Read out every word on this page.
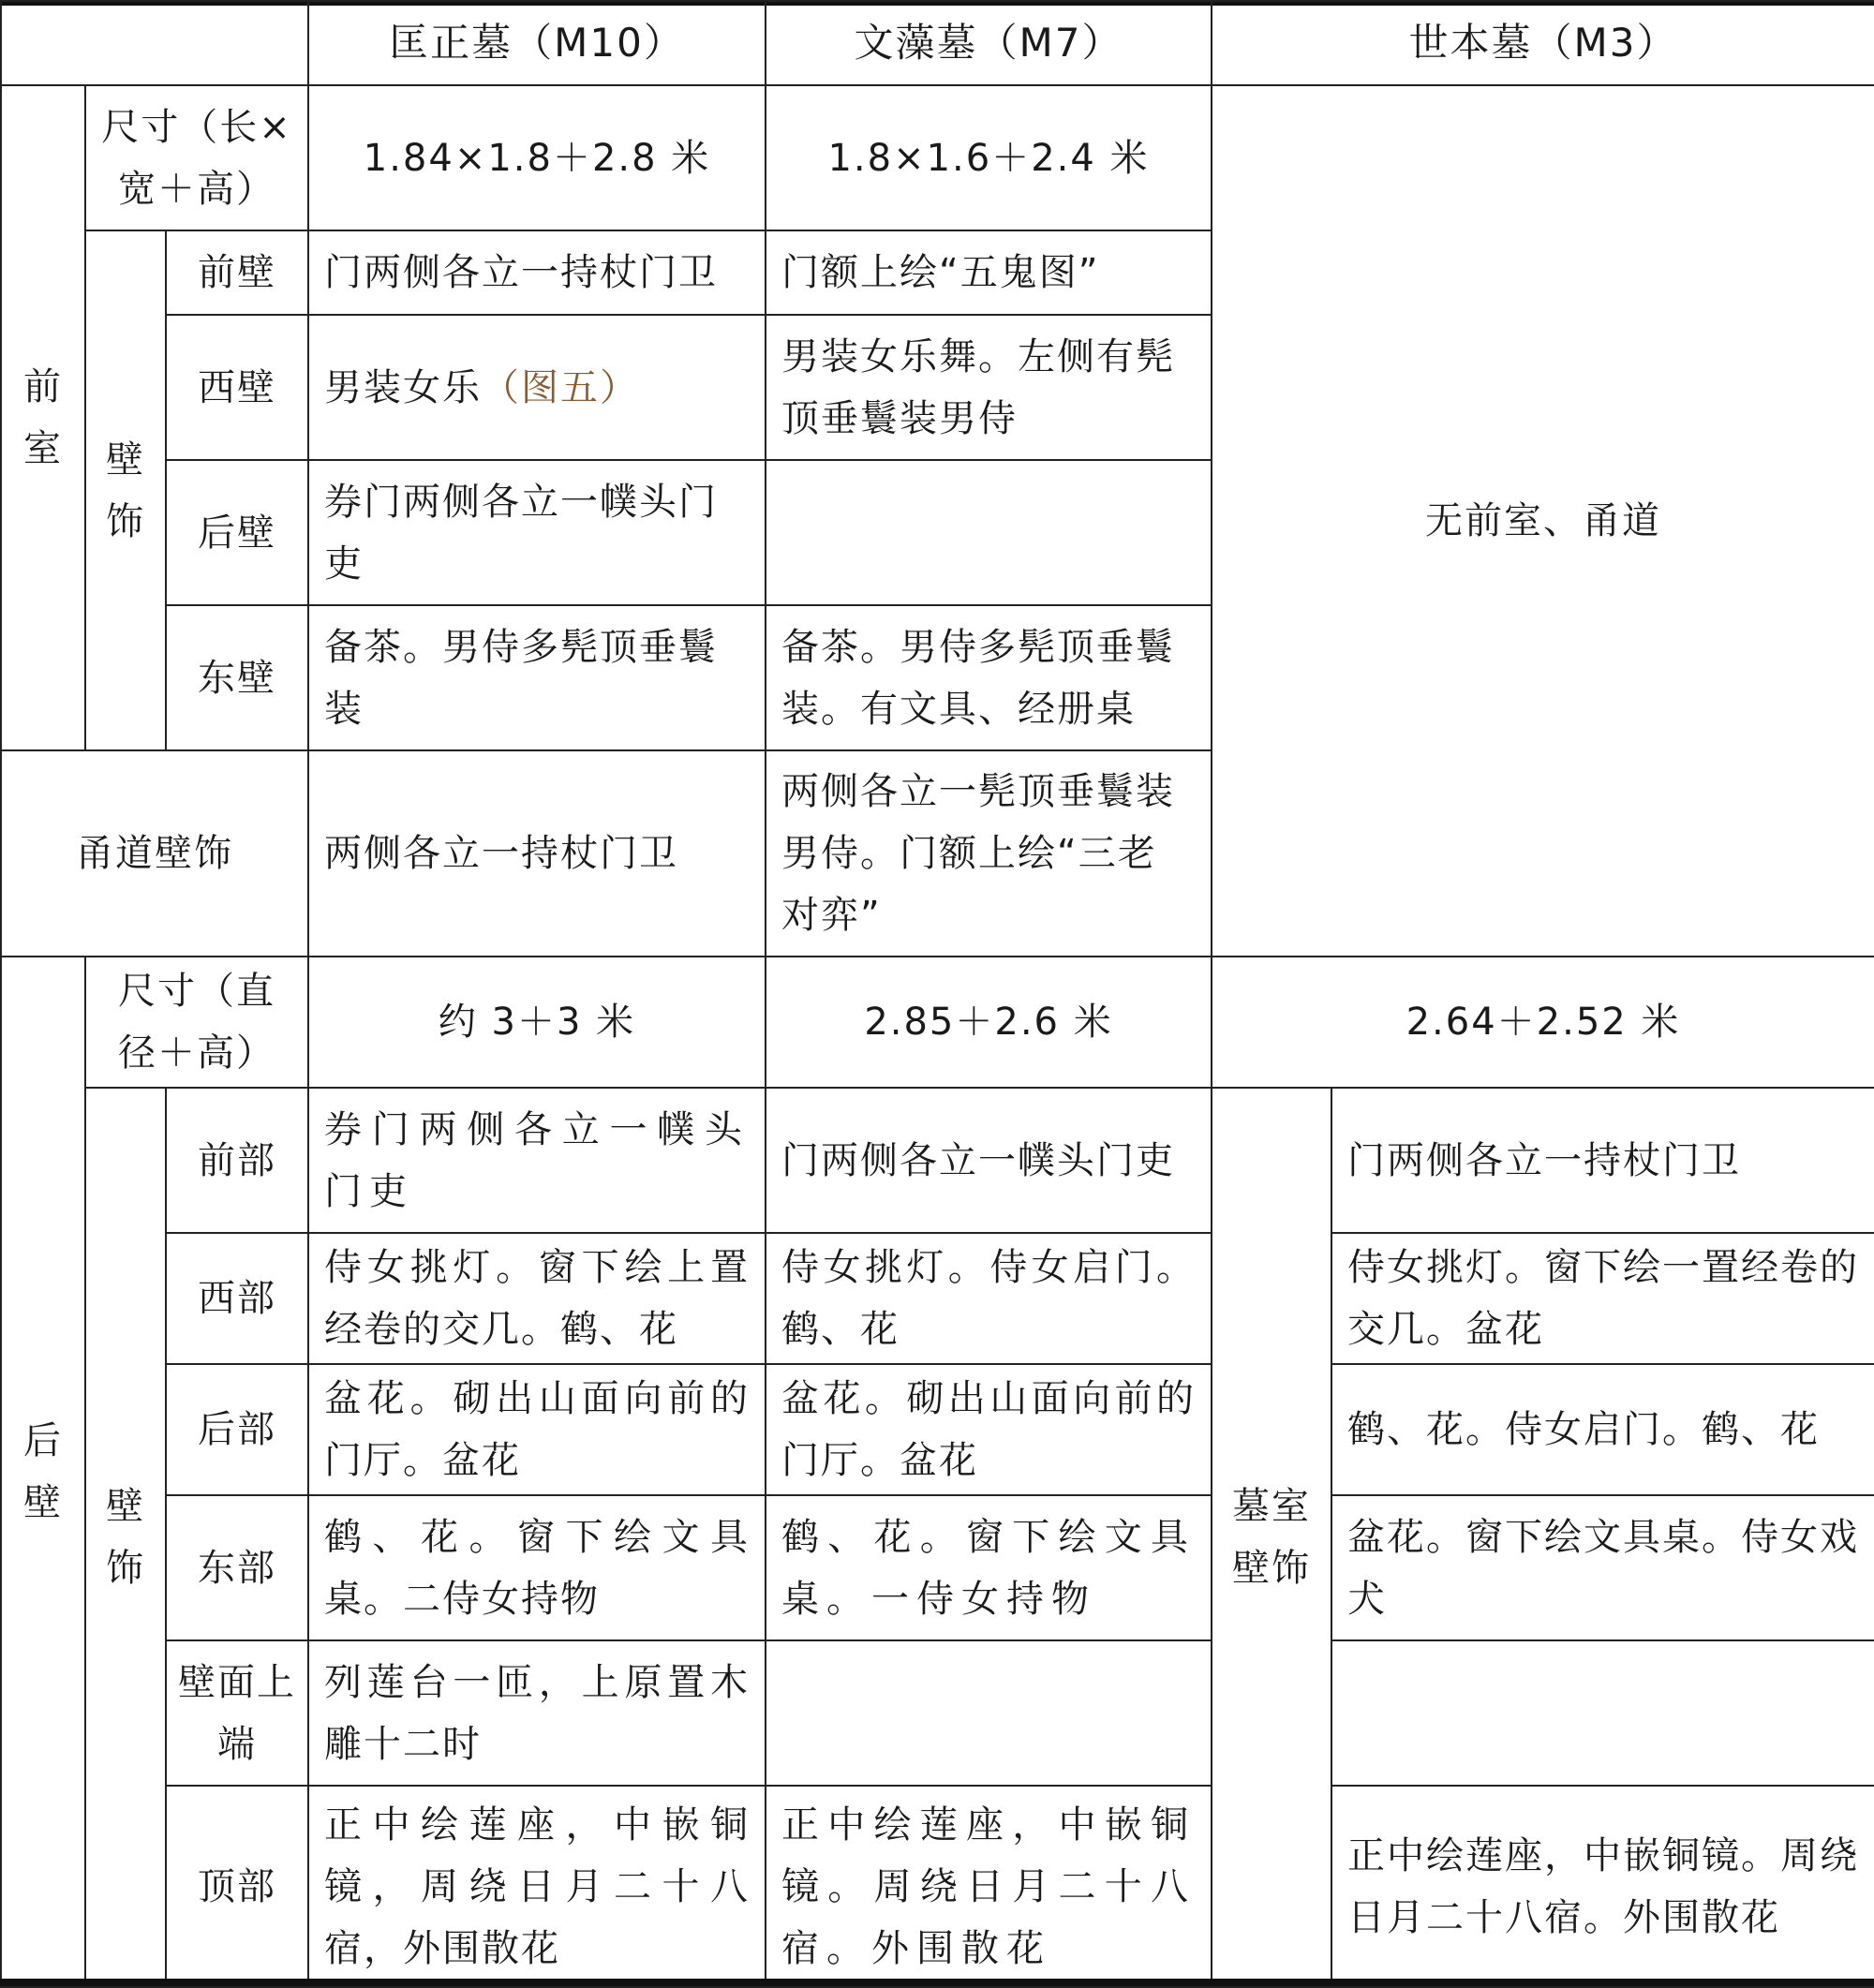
			匡正墓（M10）	文藻墓（M7）	世本墓（M3）	
前室	尺寸（长×宽＋高）		1.84×1.8＋2.8 米	1.8×1.6＋2.4 米	无前室、甬道	
	壁饰	前壁	门两侧各立一持杖门卫	门额上绘“五鬼图”		
		西壁	男装女乐（图五）	男装女乐舞。左侧有髡顶垂鬟装男侍		
		后壁	券门两侧各立一幞头门吏			
		东壁	备茶。男侍多髡顶垂鬟装	备茶。男侍多髡顶垂鬟装。有文具、经册桌		
甬道壁饰			两侧各立一持杖门卫	两侧各立一髡顶垂鬟装男侍。门额上绘“三老对弈”		
后壁	尺寸（直径＋高）		约 3＋3 米	2.85＋2.6 米	2.64＋2.52 米	
	壁饰	前部	券门两侧各立一幞头门吏	门两侧各立一幞头门吏	墓室壁饰	门两侧各立一持杖门卫
		西部	侍女挑灯。窗下绘上置经卷的交几。鹤、花	侍女挑灯。侍女启门。鹤、花		侍女挑灯。窗下绘一置经卷的交几。盆花
		后部	盆花。砌出山面向前的门厅。盆花	盆花。砌出山面向前的门厅。盆花		鹤、花。侍女启门。鹤、花
		东部	鹤、花。窗下绘文具桌。二侍女持物	鹤、花。窗下绘文具桌。一侍女持物		盆花。窗下绘文具桌。侍女戏犬
		壁面上端	列莲台一匝，上原置木雕十二时			
		顶部	正中绘莲座，中嵌铜镜，周绕日月二十八宿，外围散花	正中绘莲座，中嵌铜镜。周绕日月二十八宿。外围散花		正中绘莲座，中嵌铜镜。周绕日月二十八宿。外围散花
